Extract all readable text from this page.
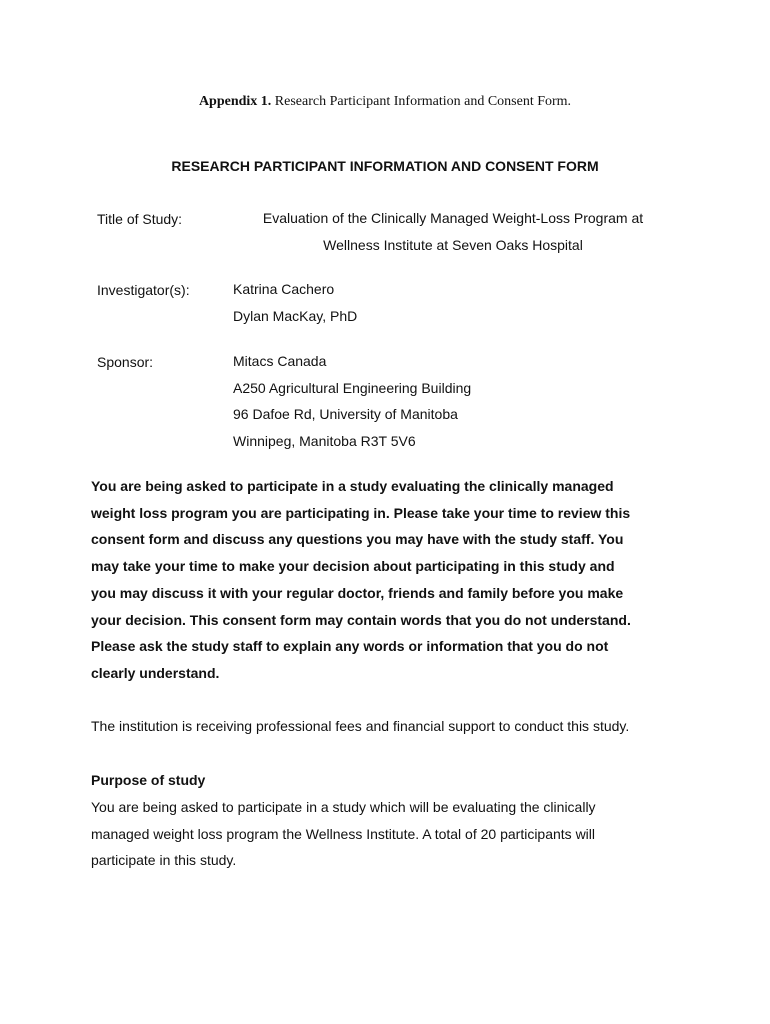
Appendix 1. Research Participant Information and Consent Form.
RESEARCH PARTICIPANT INFORMATION AND CONSENT FORM
Title of Study:	Evaluation of the Clinically Managed Weight-Loss Program at
Wellness Institute at Seven Oaks Hospital
Investigator(s):	Katrina Cachero
Dylan MacKay, PhD
Sponsor:	Mitacs Canada
A250 Agricultural Engineering Building
96 Dafoe Rd, University of Manitoba
Winnipeg, Manitoba R3T 5V6
You are being asked to participate in a study evaluating the clinically managed
weight loss program you are participating in. Please take your time to review this
consent form and discuss any questions you may have with the study staff. You
may take your time to make your decision about participating in this study and
you may discuss it with your regular doctor, friends and family before you make
your decision. This consent form may contain words that you do not understand.
Please ask the study staff to explain any words or information that you do not
clearly understand.
The institution is receiving professional fees and financial support to conduct this study.
Purpose of study
You are being asked to participate in a study which will be evaluating the clinically
managed weight loss program the Wellness Institute. A total of 20 participants will
participate in this study.
